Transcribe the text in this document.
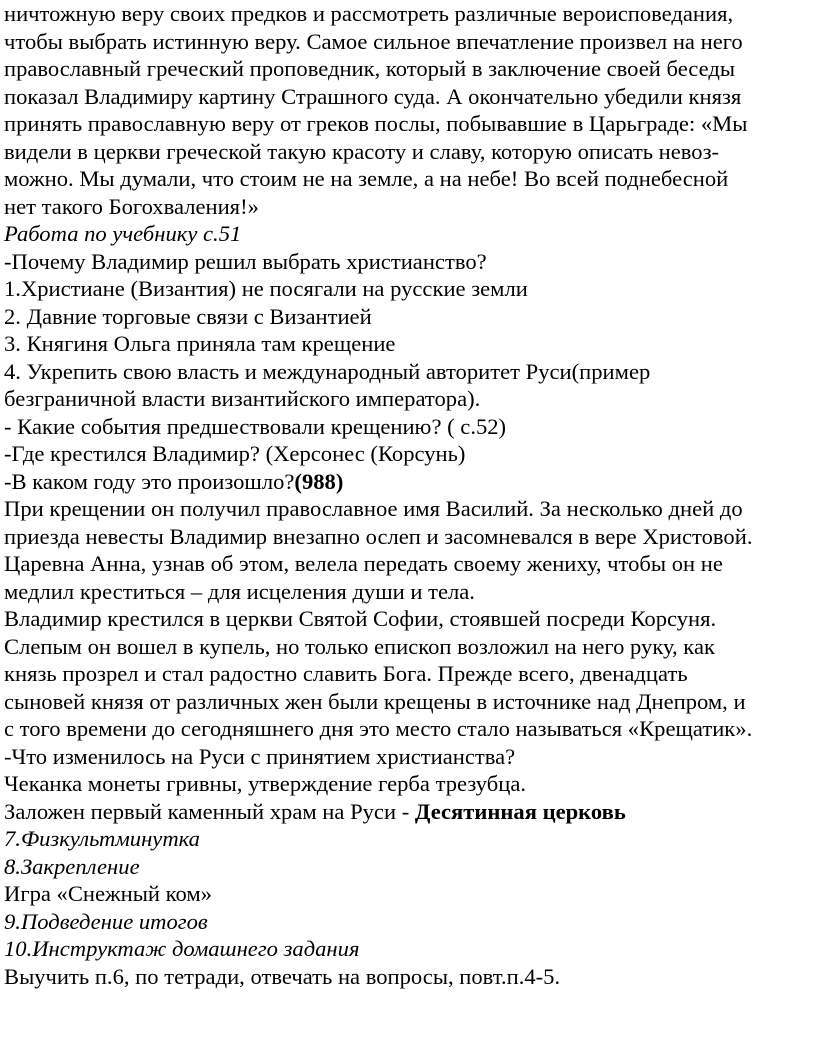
ничтожную веру своих предков и рассмотреть различные вероисповедания,
чтобы выбрать истинную веру. Самое сильное впечатление произвел на него
православный греческий проповедник, который в заключение своей беседы
показал Владимиру картину Страшного суда. А окончательно убедили князя
принять православную веру от греков послы, побывавшие в Царьграде: «Мы
видели в церкви греческой такую красоту и славу, которую описать невоз-
можно. Мы думали, что стоим не на земле, а на небе! Во всей поднебесной
нет такого Богохваления!»
Работа по учебнику с.51
-Почему Владимир решил выбрать христианство?
1.Христиане (Византия) не посягали на русские земли
2. Давние торговые связи с Византией
3. Княгиня Ольга приняла там крещение
4. Укрепить свою власть и международный авторитет Руси(пример
безграничной власти византийского императора).
- Какие события предшествовали крещению? ( с.52)
-Где крестился Владимир? (Херсонес (Корсунь)
-В каком году это произошло?(988)
При крещении он получил православное имя Василий. За несколько дней до
приезда невесты Владимир внезапно ослеп и засомневался в вере Христовой.
Царевна Анна, узнав об этом, велела передать своему жениху, чтобы он не
медлил креститься – для исцеления души и тела.
Владимир крестился в церкви Святой Софии, стоявшей посреди Корсуня.
Слепым он вошел в купель, но только епископ возложил на него руку, как
князь прозрел и стал радостно славить Бога. Прежде всего, двенадцать
сыновей князя от различных жен были крещены в источнике над Днепром, и
с того времени до сегодняшнего дня это место стало называться «Крещатик».
-Что изменилось на Руси с принятием христианства?
Чеканка монеты гривны, утверждение герба трезубца.
Заложен первый каменный храм на Руси - Десятинная церковь
7.Физкультминутка
8.Закрепление
Игра «Снежный ком»
9.Подведение итогов
10.Инструктаж домашнего задания
Выучить п.6, по тетради, отвечать на вопросы, повт.п.4-5.
